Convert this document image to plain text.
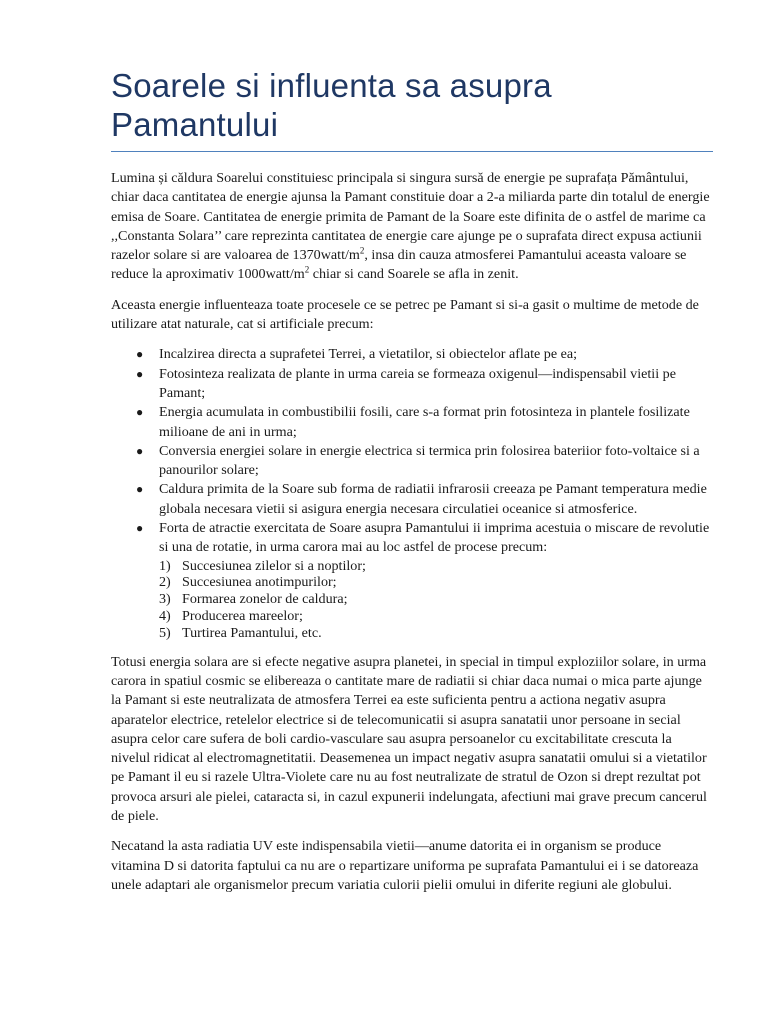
Soarele si influenta sa asupra Pamantului

Lumina și căldura Soarelui constituiesc principala si singura sursă de energie pe suprafața Pământului, chiar daca cantitatea de energie ajunsa la Pamant constituie doar a 2-a miliarda parte din totalul de energie emisa de Soare. Cantitatea de energie primita de Pamant de la Soare este difinita de o astfel de marime ca ,,Constanta Solara’’ care reprezinta cantitatea de energie care ajunge pe o suprafata direct expusa actiunii razelor solare si are valoarea de $1370watt/m^2$, insa din cauza atmosferei Pamantului aceasta valoare se reduce la aproximativ $1000watt/m^2$ chiar si cand Soarele se afla in zenit.

Aceasta energie influenteaza toate procesele ce se petrec pe Pamant si si-a gasit o multime de metode de utilizare atat naturale, cat si artificiale precum:

● Incalzirea directa a suprafetei Terrei, a vietatilor, si obiectelor aflate pe ea;
● Fotosinteza realizata de plante in urma careia se formeaza oxigenul—indispensabil vietii pe Pamant;
● Energia acumulata in combustibilii fosili, care s-a format prin fotosinteza in plantele fosilizate milioane de ani in urma;
● Conversia energiei solare in energie electrica si termica prin folosirea bateriior foto-voltaice si a panourilor solare;
● Caldura primita de la Soare sub forma de radiatii infrarosii creeaza pe Pamant temperatura medie globala necesara vietii si asigura energia necesara circulatiei oceanice si atmosferice.
● Forta de atractie exercitata de Soare asupra Pamantului ii imprima acestuia o miscare de revolutie si una de rotatie, in urma carora mai au loc astfel de procese precum:
1) Succesiunea zilelor si a noptilor;
2) Succesiunea anotimpurilor;
3) Formarea zonelor de caldura;
4) Producerea mareelor;
5) Turtirea Pamantului, etc.

Totusi energia solara are si efecte negative asupra planetei, in special in timpul exploziilor solare, in urma carora in spatiul cosmic se elibereaza o cantitate mare de radiatii si chiar daca numai o mica parte ajunge la Pamant si este neutralizata de atmosfera Terrei ea este suficienta pentru a actiona negativ asupra aparatelor electrice, retelelor electrice si de telecomunicatii si asupra sanatatii unor persoane in secial asupra celor care sufera de boli cardio-vasculare sau asupra persoanelor cu excitabilitate crescuta la nivelul ridicat al electromagnetitatii. Deasemenea un impact negativ asupra sanatatii omului si a vietatilor pe Pamant il eu si razele Ultra-Violete care nu au fost neutralizate de stratul de Ozon si drept rezultat pot provoca arsuri ale pielei, cataracta si, in cazul expunerii indelungata, afectiuni mai grave precum cancerul de piele.

Necatand la asta radiatia UV este indispensabila vietii—anume datorita ei in organism se produce vitamina D si datorita faptului ca nu are o repartizare uniforma pe suprafata Pamantului ei i se datoreaza unele adaptari ale organismelor precum variatia culorii pielii omului in diferite regiuni ale globului.
